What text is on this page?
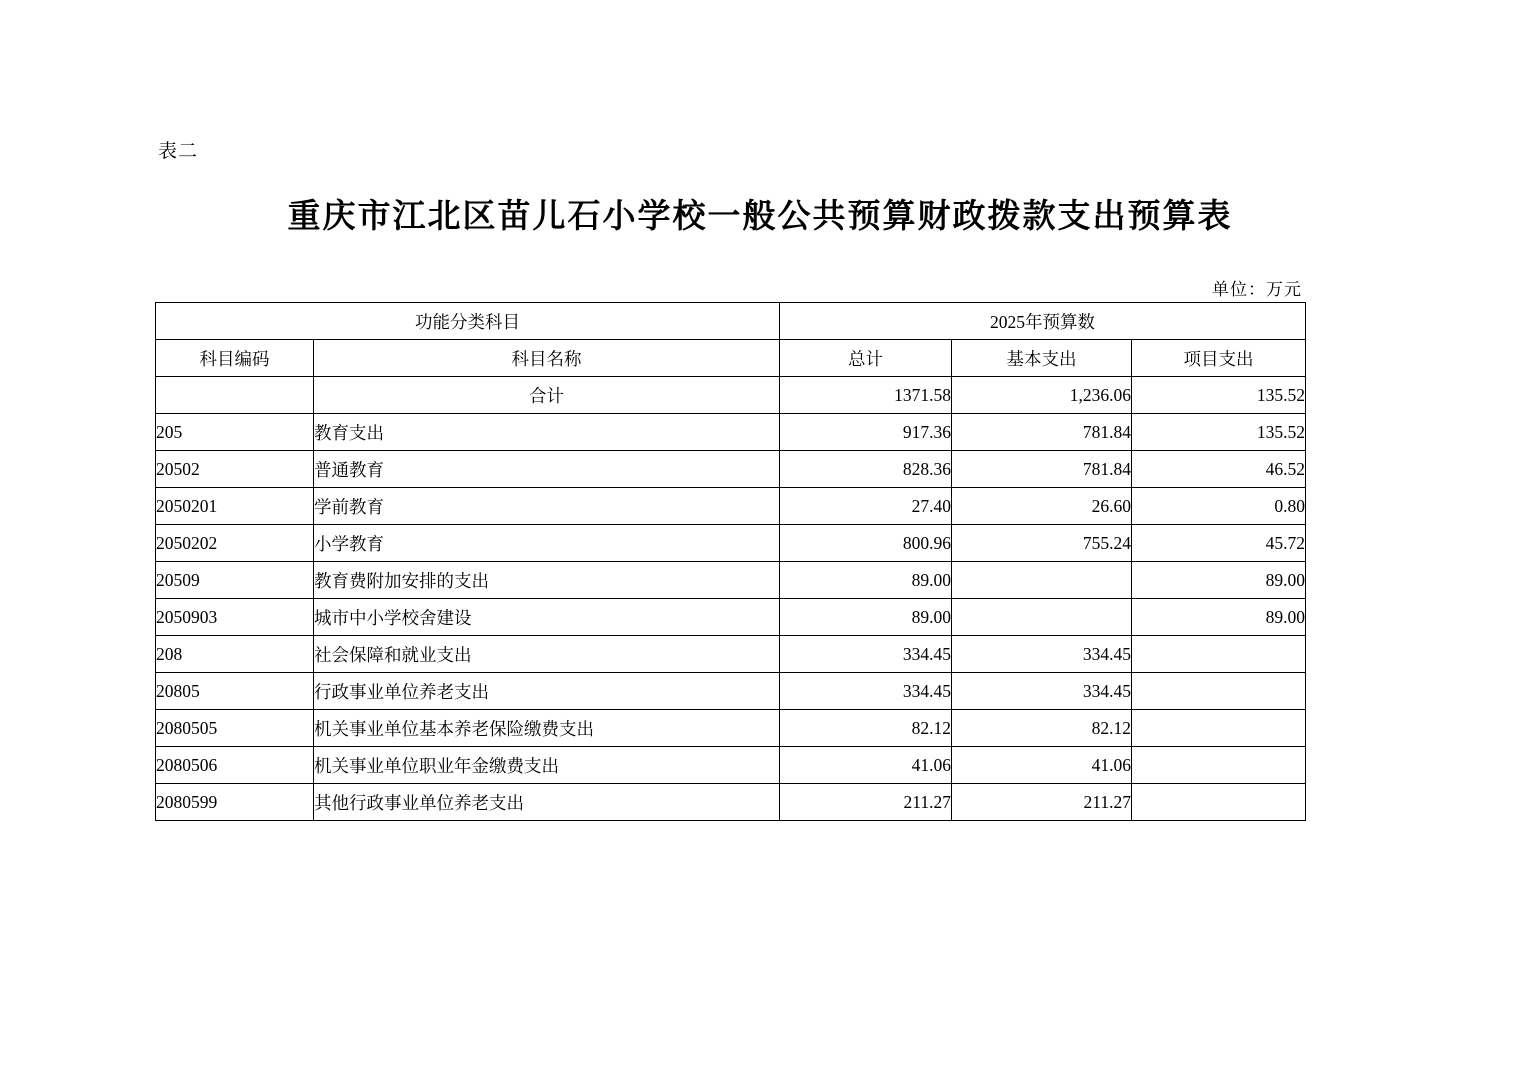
表二
重庆市江北区苗儿石小学校一般公共预算财政拨款支出预算表
单位：万元
功能分类科目		2025年预算数		
科目编码	科目名称	总计	基本支出	项目支出
	合计	1371.58	1,236.06	135.52
205	教育支出	917.36	781.84	135.52
20502	普通教育	828.36	781.84	46.52
2050201	学前教育	27.40	26.60	0.80
2050202	小学教育	800.96	755.24	45.72
20509	教育费附加安排的支出	89.00		89.00
2050903	城市中小学校舍建设	89.00		89.00
208	社会保障和就业支出	334.45	334.45	
20805	行政事业单位养老支出	334.45	334.45	
2080505	机关事业单位基本养老保险缴费支出	82.12	82.12	
2080506	机关事业单位职业年金缴费支出	41.06	41.06	
2080599	其他行政事业单位养老支出	211.27	211.27	
